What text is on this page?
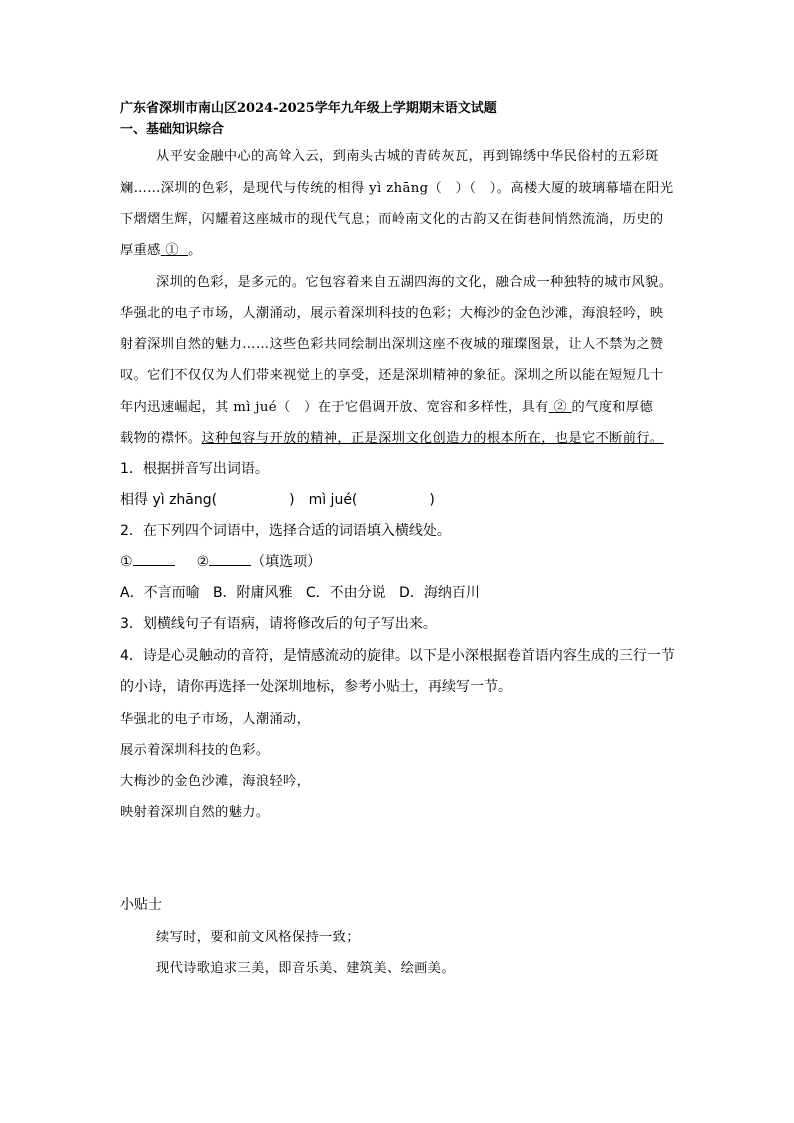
广东省深圳市南山区2024-2025学年九年级上学期期末语文试题
一、基础知识综合
从平安金融中心的高耸入云，到南头古城的青砖灰瓦，再到锦绣中华民俗村的五彩斑
斓……深圳的色彩，是现代与传统的相得 yì zhāng（　）（　）。高楼大厦的玻璃幕墙在阳光
下熠熠生辉，闪耀着这座城市的现代气息；而岭南文化的古韵又在街巷间悄然流淌，历史的
厚重感 ① 。
深圳的色彩，是多元的。它包容着来自五湖四海的文化，融合成一种独特的城市风貌。
华强北的电子市场，人潮涌动，展示着深圳科技的色彩；大梅沙的金色沙滩，海浪轻吟，映
射着深圳自然的魅力……这些色彩共同绘制出深圳这座不夜城的璀璨图景，让人不禁为之赞
叹。它们不仅仅为人们带来视觉上的享受，还是深圳精神的象征。深圳之所以能在短短几十
年内迅速崛起，其 mì jué（　）在于它倡调开放、宽容和多样性，具有 ② 的气度和厚德
载物的襟怀。这种包容与开放的精神，正是深圳文化创造力的根本所在，也是它不断前行。
1．根据拼音写出词语。
相得 yì zhāng(	) mì jué(	)
2．在下列四个词语中，选择合适的词语填入横线处。
①	②	（填选项）
A．不言而喻 B．附庸风雅 C．不由分说 D．海纳百川
3．划横线句子有语病，请将修改后的句子写出来。
4．诗是心灵触动的音符，是情感流动的旋律。以下是小深根据卷首语内容生成的三行一节
的小诗，请你再选择一处深圳地标，参考小贴士，再续写一节。
华强北的电子市场，人潮涌动，
展示着深圳科技的色彩。
大梅沙的金色沙滩，海浪轻吟，
映射着深圳自然的魅力。
小贴士
续写时，要和前文风格保持一致；
现代诗歌追求三美，即音乐美、建筑美、绘画美。
